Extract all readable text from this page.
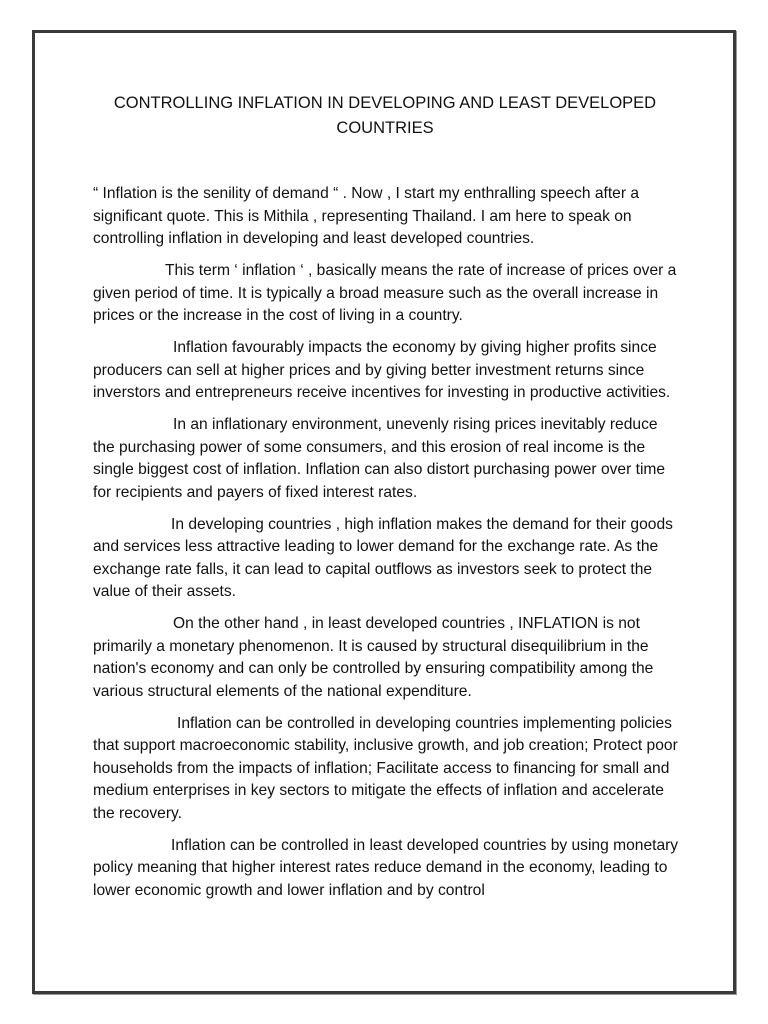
CONTROLLING INFLATION IN DEVELOPING AND LEAST DEVELOPED COUNTRIES

“ Inflation is the senility of demand “ . Now , I start my enthralling speech after a significant quote. This is Mithila , representing Thailand. I am here to speak on controlling inflation in developing and least developed countries.

This term ‘ inflation ‘ , basically means the rate of increase of prices over a given period of time. It is typically a broad measure such as the overall increase in prices or the increase in the cost of living in a country.

Inflation favourably impacts the economy by giving higher profits since producers can sell at higher prices and by giving better investment returns since inverstors and entrepreneurs receive incentives for investing in productive activities.

In an inflationary environment, unevenly rising prices inevitably reduce the purchasing power of some consumers, and this erosion of real income is the single biggest cost of inflation. Inflation can also distort purchasing power over time for recipients and payers of fixed interest rates.

In developing countries , high inflation makes the demand for their goods and services less attractive leading to lower demand for the exchange rate. As the exchange rate falls, it can lead to capital outflows as investors seek to protect the value of their assets.

On the other hand , in least developed countries , INFLATION is not primarily a monetary phenomenon. It is caused by structural disequilibrium in the nation's economy and can only be controlled by ensuring compatibility among the various structural elements of the national expenditure.

Inflation can be controlled in developing countries implementing policies that support macroeconomic stability, inclusive growth, and job creation; Protect poor households from the impacts of inflation; Facilitate access to financing for small and medium enterprises in key sectors to mitigate the effects of inflation and accelerate the recovery.

Inflation can be controlled in least developed countries by using monetary policy meaning that higher interest rates reduce demand in the economy, leading to lower economic growth and lower inflation and by control
